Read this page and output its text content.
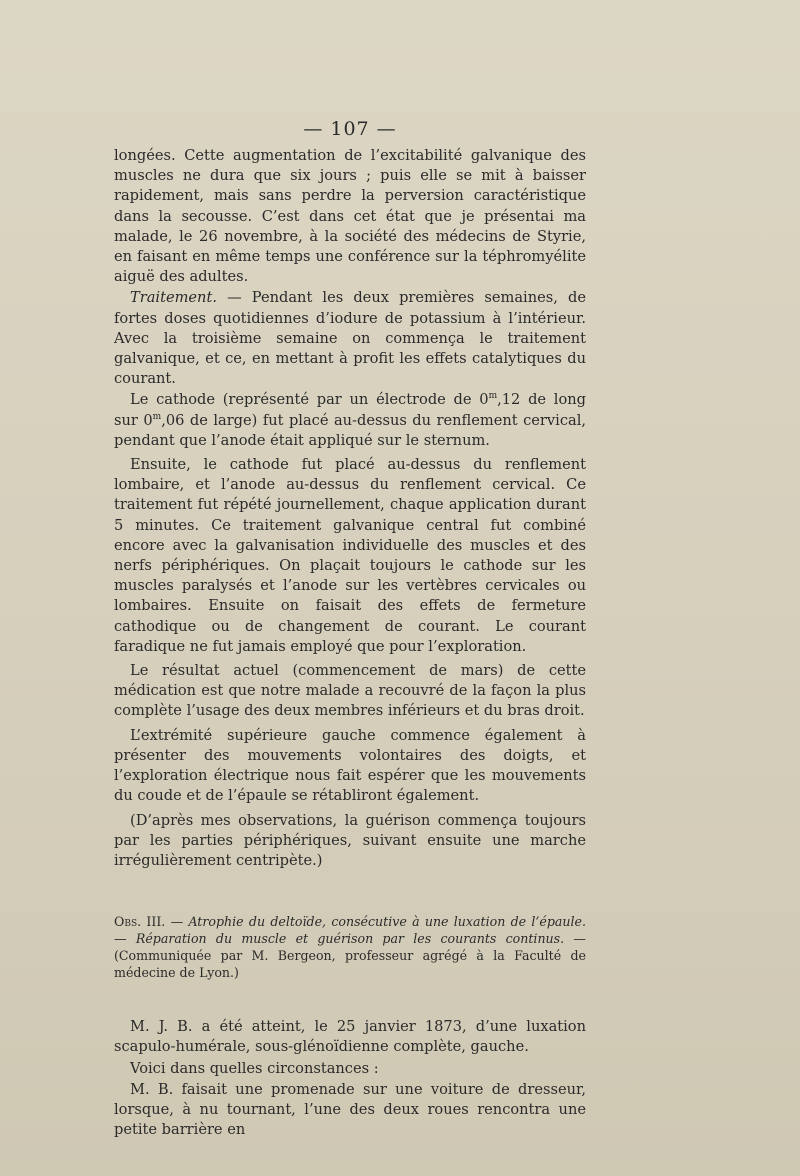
— 107 —

longées. Cette augmentation de l’excitabilité galvanique des muscles ne dura que six jours ; puis elle se mit à baisser rapidement, mais sans perdre la perversion caractéristique dans la secousse. C’est dans cet état que je présentai ma malade, le 26 novembre, à la société des médecins de Styrie, en faisant en même temps une conférence sur la téphromyélite aiguë des adultes.

Traitement. — Pendant les deux premières semaines, de fortes doses quotidiennes d’iodure de potassium à l’intérieur. Avec la troisième semaine on commença le traitement galvanique, et ce, en mettant à profit les effets catalytiques du courant.

Le cathode (représenté par un électrode de 0$^m$,12 de long sur 0$^m$,06 de large) fut placé au-dessus du renflement cervical, pendant que l’anode était appliqué sur le sternum.

Ensuite, le cathode fut placé au-dessus du renflement lombaire, et l’anode au-dessus du renflement cervical. Ce traitement fut répété journellement, chaque application durant 5 minutes. Ce traitement galvanique central fut combiné encore avec la galvanisation individuelle des muscles et des nerfs périphériques. On plaçait toujours le cathode sur les muscles paralysés et l’anode sur les vertèbres cervicales ou lombaires. Ensuite on faisait des effets de fermeture cathodique ou de changement de courant. Le courant faradique ne fut jamais employé que pour l’exploration.

Le résultat actuel (commencement de mars) de cette médication est que notre malade a recouvré de la façon la plus complète l’usage des deux membres inférieurs et du bras droit.

L’extrémité supérieure gauche commence également à présenter des mouvements volontaires des doigts, et l’exploration électrique nous fait espérer que les mouvements du coude et de l’épaule se rétabliront également.

(D’après mes observations, la guérison commença toujours par les parties périphériques, suivant ensuite une marche irrégulièrement centripète.)

Obs. III. — Atrophie du deltoïde, consécutive à une luxation de l’épaule. — Réparation du muscle et guérison par les courants continus. — (Communiquée par M. Bergeon, professeur agrégé à la Faculté de médecine de Lyon.)

M. J. B. a été atteint, le 25 janvier 1873, d’une luxation scapulo-humérale, sous-glénoïdienne complète, gauche.

Voici dans quelles circonstances :

M. B. faisait une promenade sur une voiture de dresseur, lorsque, à nu tournant, l’une des deux roues rencontra une petite barrière en
